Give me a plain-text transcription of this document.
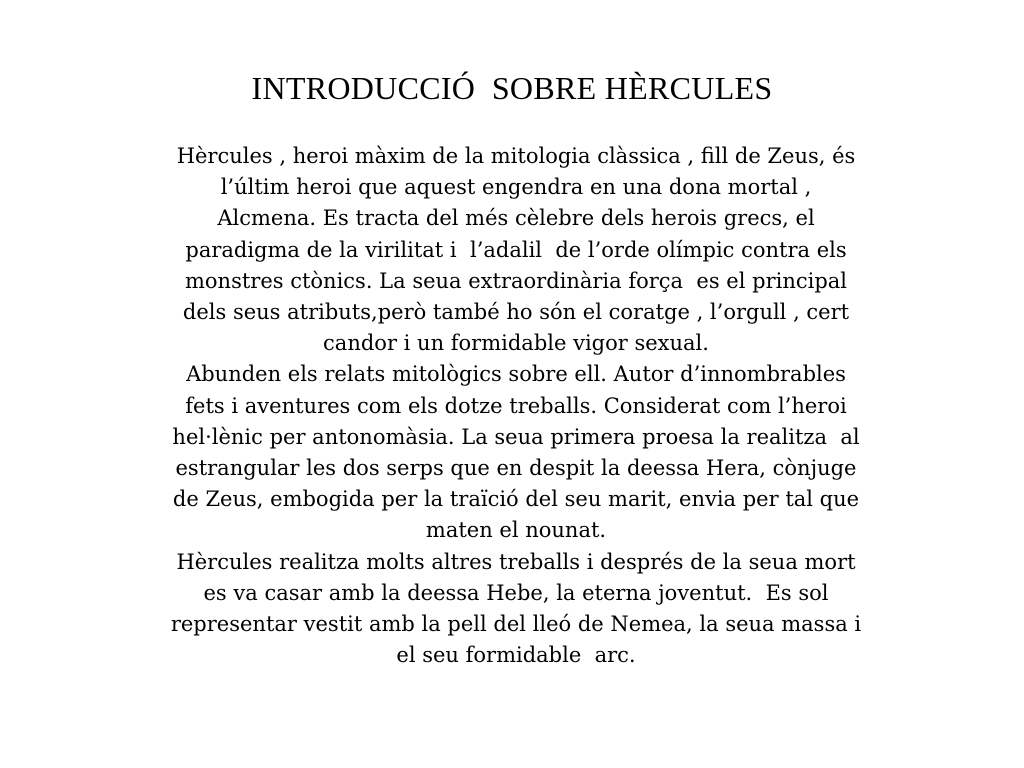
INTRODUCCIÓ  SOBRE HÈRCULES

Hèrcules , heroi màxim de la mitologia clàssica , fill de Zeus, és
l’últim heroi que aquest engendra en una dona mortal ,
Alcmena. Es tracta del més cèlebre dels herois grecs, el
paradigma de la virilitat i  l’adalil  de l’orde olímpic contra els
monstres ctònics. La seua extraordinària força  es el principal
dels seus atributs,però també ho són el coratge , l’orgull , cert
candor i un formidable vigor sexual.

Abunden els relats mitològics sobre ell. Autor d’innombrables
fets i aventures com els dotze treballs. Considerat com l’heroi
hel·lènic per antonomàsia. La seua primera proesa la realitza  al
estrangular les dos serps que en despit la deessa Hera, cònjuge
de Zeus, embogida per la traïció del seu marit, envia per tal que
maten el nounat.

Hèrcules realitza molts altres treballs i després de la seua mort
es va casar amb la deessa Hebe, la eterna joventut.  Es sol
representar vestit amb la pell del lleó de Nemea, la seua massa i
el seu formidable  arc.
